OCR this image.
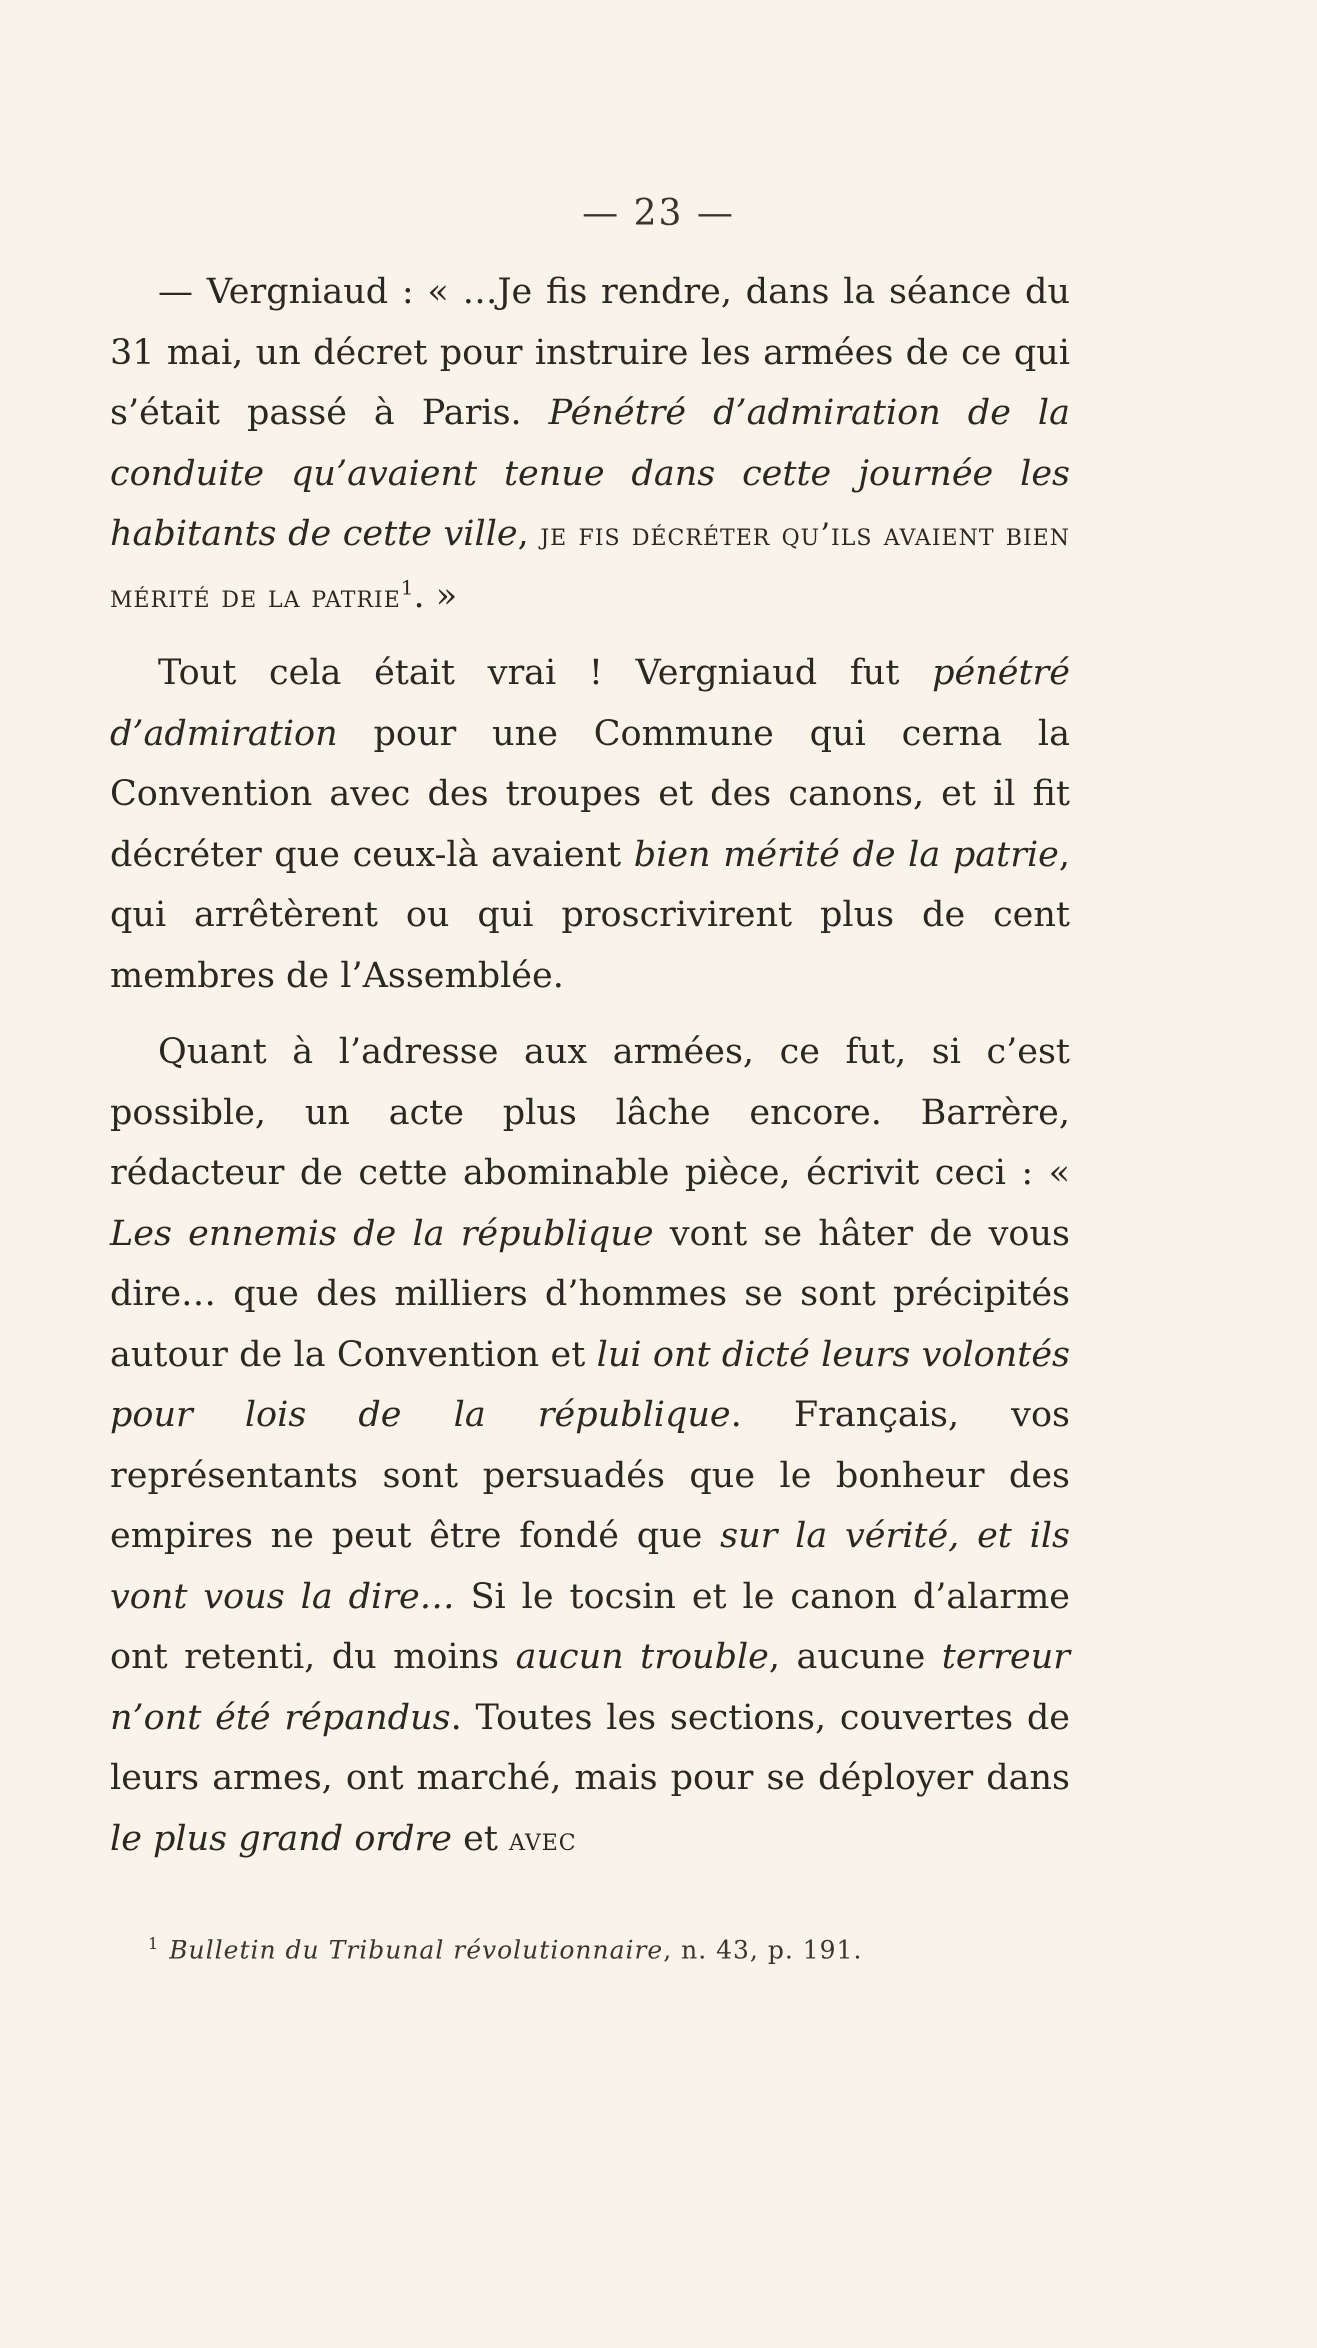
— 23 —

— Vergniaud : « …Je fis rendre, dans la séance du 31 mai, un décret pour instruire les armées de ce qui s’était passé à Paris. Pénétré d’admiration de la conduite qu’avaient tenue dans cette journée les habitants de cette ville, je fis décréter qu’ils avaient bien mérité de la patrie$^1$. »

Tout cela était vrai ! Vergniaud fut pénétré d’admiration pour une Commune qui cerna la Convention avec des troupes et des canons, et il fit décréter que ceux-là avaient bien mérité de la patrie, qui arrêtèrent ou qui proscrivirent plus de cent membres de l’Assemblée.

Quant à l’adresse aux armées, ce fut, si c’est possible, un acte plus lâche encore. Barrère, rédacteur de cette abominable pièce, écrivit ceci : « Les ennemis de la république vont se hâter de vous dire… que des milliers d’hommes se sont précipités autour de la Convention et lui ont dicté leurs volontés pour lois de la république. Français, vos représentants sont persuadés que le bonheur des empires ne peut être fondé que sur la vérité, et ils vont vous la dire… Si le tocsin et le canon d’alarme ont retenti, du moins aucun trouble, aucune terreur n’ont été répandus. Toutes les sections, couvertes de leurs armes, ont marché, mais pour se déployer dans le plus grand ordre et avec

$^1$ Bulletin du Tribunal révolutionnaire, n. 43, p. 191.
